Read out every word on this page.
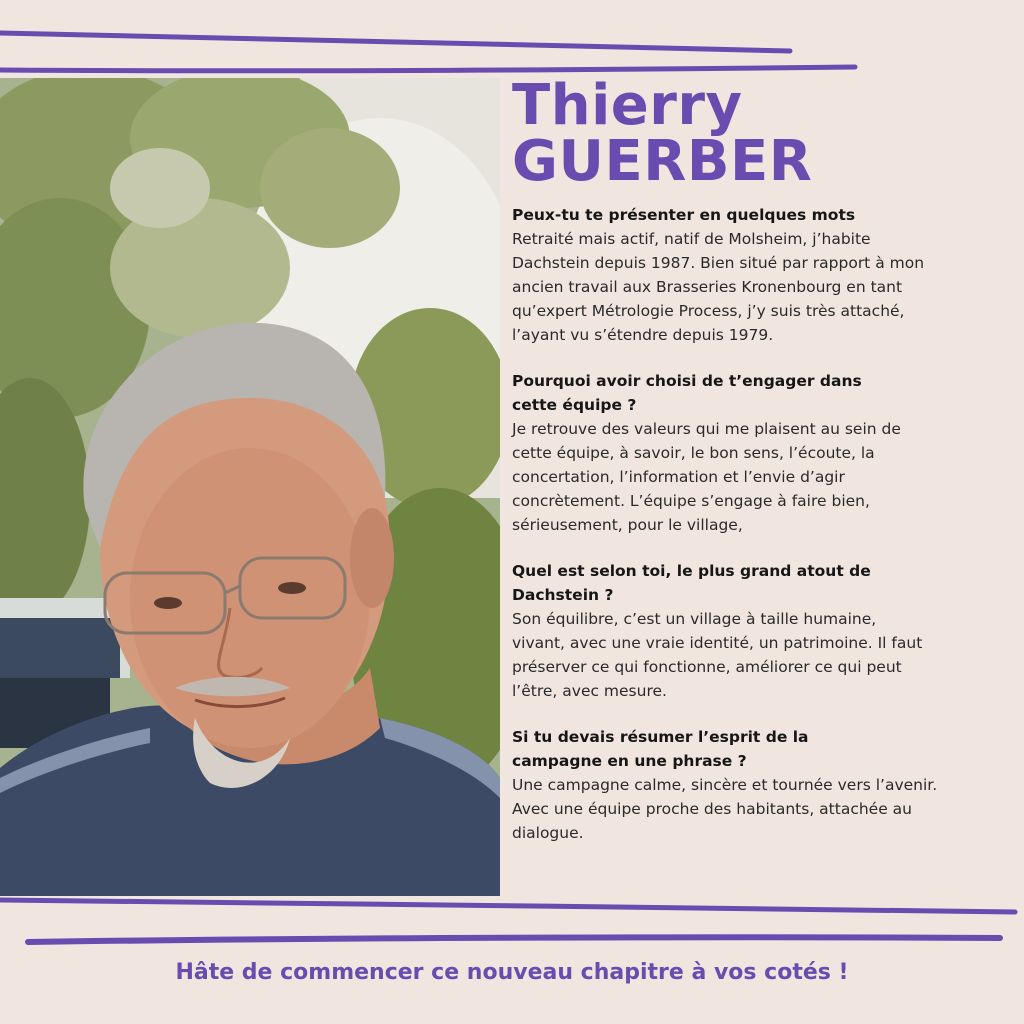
Thierry
GUERBER
Peux-tu te présenter en quelques mots
Retraité mais actif, natif de Molsheim, j’habite
Dachstein depuis 1987. Bien situé par rapport à mon
ancien travail aux Brasseries Kronenbourg en tant
qu’expert Métrologie Process, j’y suis très attaché,
l’ayant vu s’étendre depuis 1979.
Pourquoi avoir choisi de t’engager dans
cette équipe ?
Je retrouve des valeurs qui me plaisent au sein de
cette équipe, à savoir, le bon sens, l’écoute, la
concertation, l’information et l’envie d’agir
concrètement. L’équipe s’engage à faire bien,
sérieusement, pour le village,
Quel est selon toi, le plus grand atout de
Dachstein ?
Son équilibre, c’est un village à taille humaine,
vivant, avec une vraie identité, un patrimoine. Il faut
préserver ce qui fonctionne, améliorer ce qui peut
l’être, avec mesure.
Si tu devais résumer l’esprit de la
campagne en une phrase ?
Une campagne calme, sincère et tournée vers l’avenir.
Avec une équipe proche des habitants, attachée au
dialogue.
Hâte de commencer ce nouveau chapitre à vos cotés !
